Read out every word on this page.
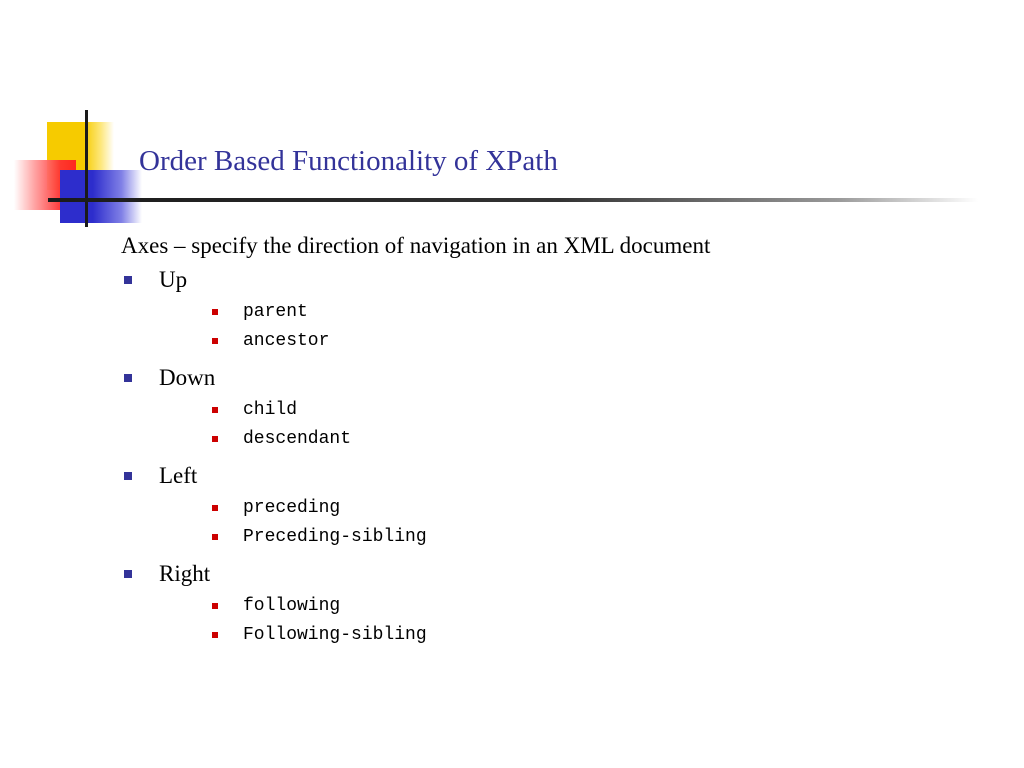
Order Based Functionality of XPath
Axes – specify the direction of navigation in an XML document
Up
parent
ancestor
Down
child
descendant
Left
preceding
Preceding-sibling
Right
following
Following-sibling
